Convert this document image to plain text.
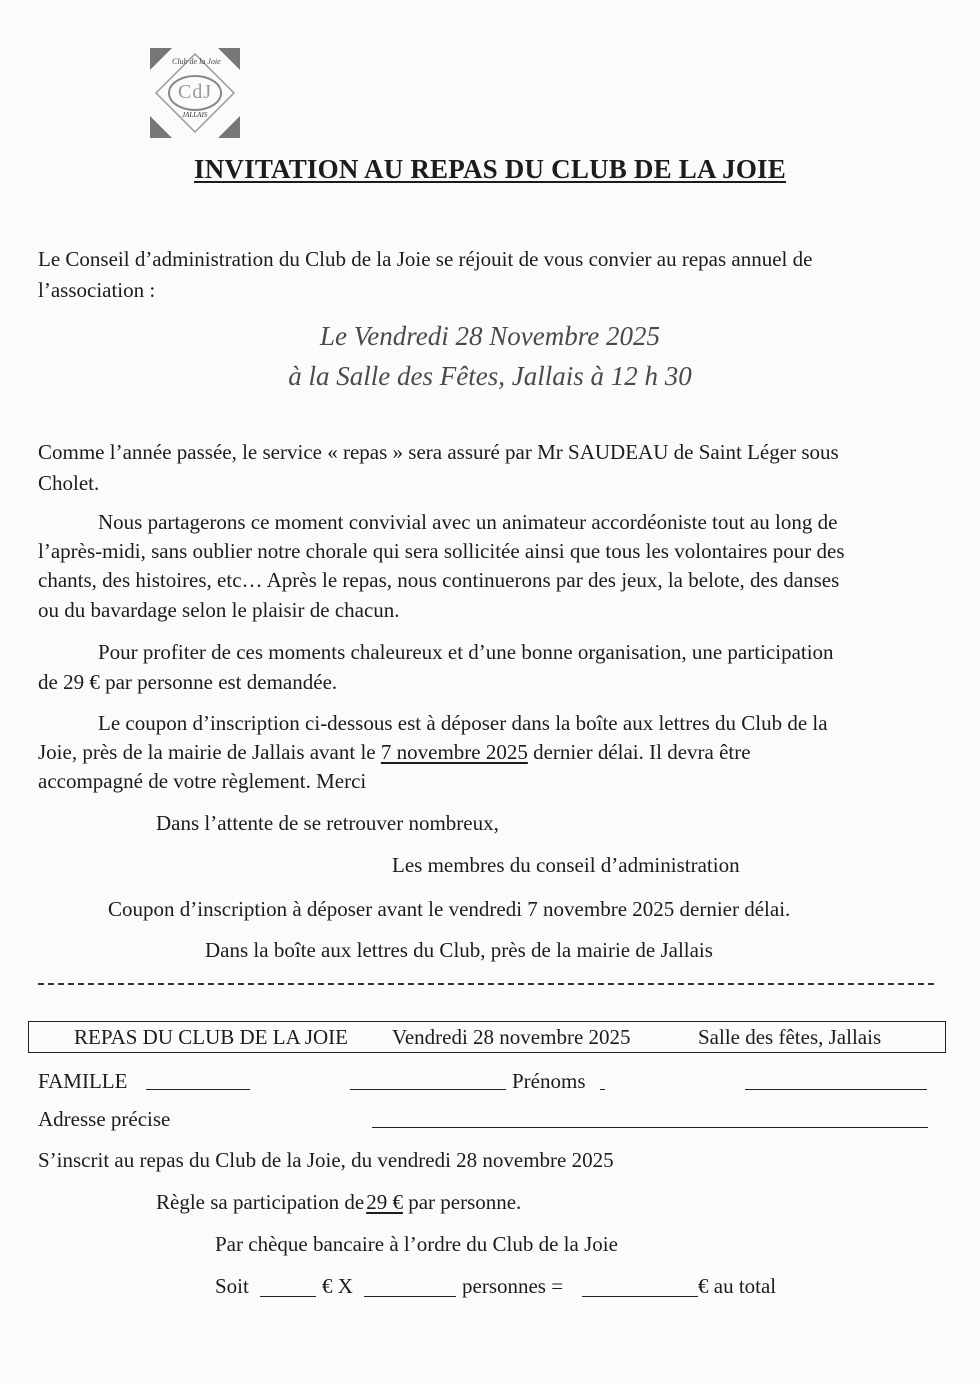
Club de la Joie
CdJ
JALLAIS
INVITATION AU REPAS DU CLUB DE LA JOIE
Le Conseil d’administration du Club de la Joie se réjouit de vous convier au repas annuel de
l’association :
Le Vendredi 28 Novembre 2025
à la Salle des Fêtes, Jallais à 12 h 30
Comme l’année passée, le service « repas » sera assuré par Mr SAUDEAU de Saint Léger sous
Cholet.
Nous partagerons ce moment convivial avec un animateur accordéoniste tout au long de
l’après-midi, sans oublier notre chorale qui sera sollicitée ainsi que tous les volontaires pour des
chants, des histoires, etc… Après le repas, nous continuerons par des jeux, la belote, des danses
ou du bavardage selon le plaisir de chacun.
Pour profiter de ces moments chaleureux et d’une bonne organisation, une participation
de 29 € par personne est demandée.
Le coupon d’inscription ci-dessous est à déposer dans la boîte aux lettres du Club de la
Joie, près de la mairie de Jallais avant le 7 novembre 2025 dernier délai. Il devra être
accompagné de votre règlement. Merci
Dans l’attente de se retrouver nombreux,
Les membres du conseil d’administration
Coupon d’inscription à déposer avant le vendredi 7 novembre 2025 dernier délai.
Dans la boîte aux lettres du Club, près de la mairie de Jallais
REPAS DU CLUB DE LA JOIE Vendredi 28 novembre 2025	Salle des fêtes, Jallais
FAMILLE	Prénoms
Adresse précise
S’inscrit au repas du Club de la Joie, du vendredi 28 novembre 2025
Règle sa participation de29 € par personne.
Par chèque bancaire à l’ordre du Club de la Joie
Soit	€ X	personnes =	€ au total
